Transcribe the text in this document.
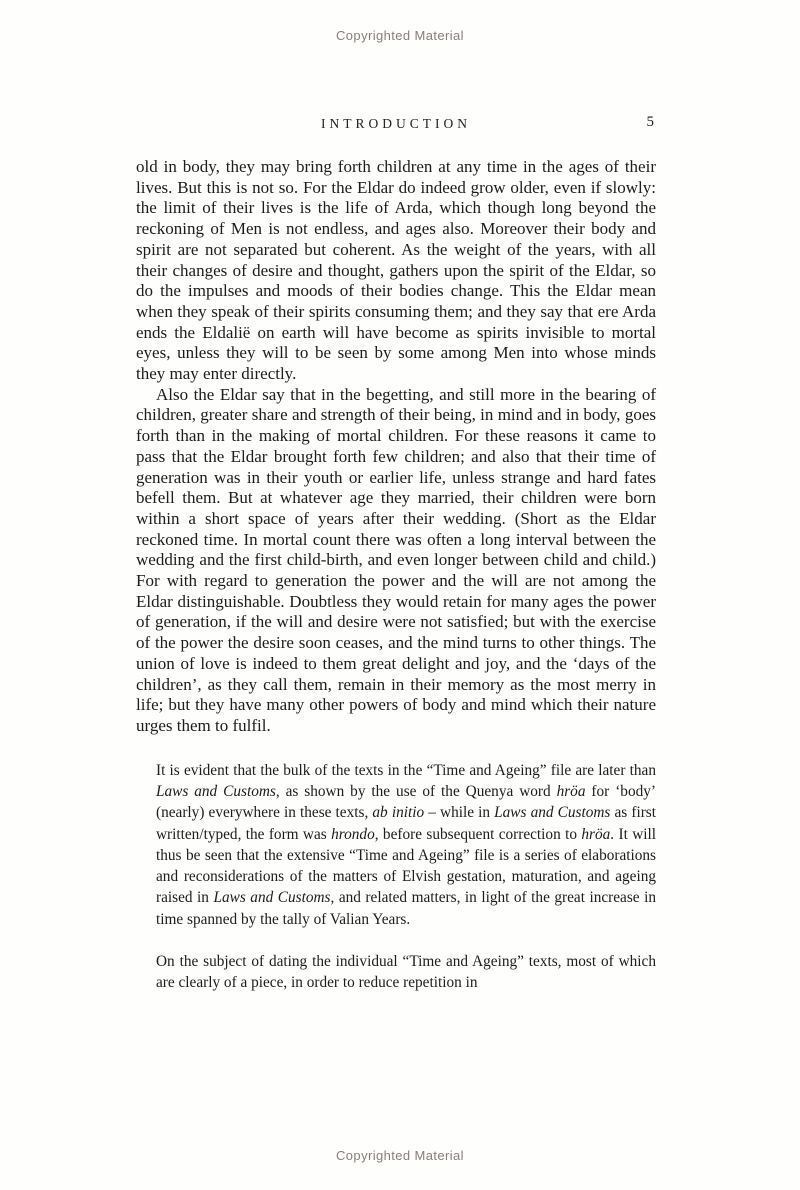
Copyrighted Material
INTRODUCTION	5

old in body, they may bring forth children at any time in the ages of their lives. But this is not so. For the Eldar do indeed grow older, even if slowly: the limit of their lives is the life of Arda, which though long beyond the reckoning of Men is not endless, and ages also. Moreover their body and spirit are not separated but coherent. As the weight of the years, with all their changes of desire and thought, gathers upon the spirit of the Eldar, so do the impulses and moods of their bodies change. This the Eldar mean when they speak of their spirits consuming them; and they say that ere Arda ends the Eldalië on earth will have become as spirits invisible to mortal eyes, unless they will to be seen by some among Men into whose minds they may enter directly.

Also the Eldar say that in the begetting, and still more in the bearing of children, greater share and strength of their being, in mind and in body, goes forth than in the making of mortal children. For these reasons it came to pass that the Eldar brought forth few children; and also that their time of generation was in their youth or earlier life, unless strange and hard fates befell them. But at whatever age they married, their children were born within a short space of years after their wedding. (Short as the Eldar reckoned time. In mortal count there was often a long interval between the wedding and the first child-birth, and even longer between child and child.) For with regard to generation the power and the will are not among the Eldar distinguishable. Doubtless they would retain for many ages the power of generation, if the will and desire were not satisfied; but with the exercise of the power the desire soon ceases, and the mind turns to other things. The union of love is indeed to them great delight and joy, and the ‘days of the children’, as they call them, remain in their memory as the most merry in life; but they have many other powers of body and mind which their nature urges them to fulfil.

It is evident that the bulk of the texts in the “Time and Ageing” file are later than Laws and Customs, as shown by the use of the Quenya word hröa for ‘body’ (nearly) everywhere in these texts, ab initio – while in Laws and Customs as first written/typed, the form was hrondo, before subsequent correction to hröa. It will thus be seen that the extensive “Time and Ageing” file is a series of elaborations and reconsiderations of the matters of Elvish gestation, maturation, and ageing raised in Laws and Customs, and related matters, in light of the great increase in time spanned by the tally of Valian Years.

On the subject of dating the individual “Time and Ageing” texts, most of which are clearly of a piece, in order to reduce repetition in

Copyrighted Material
